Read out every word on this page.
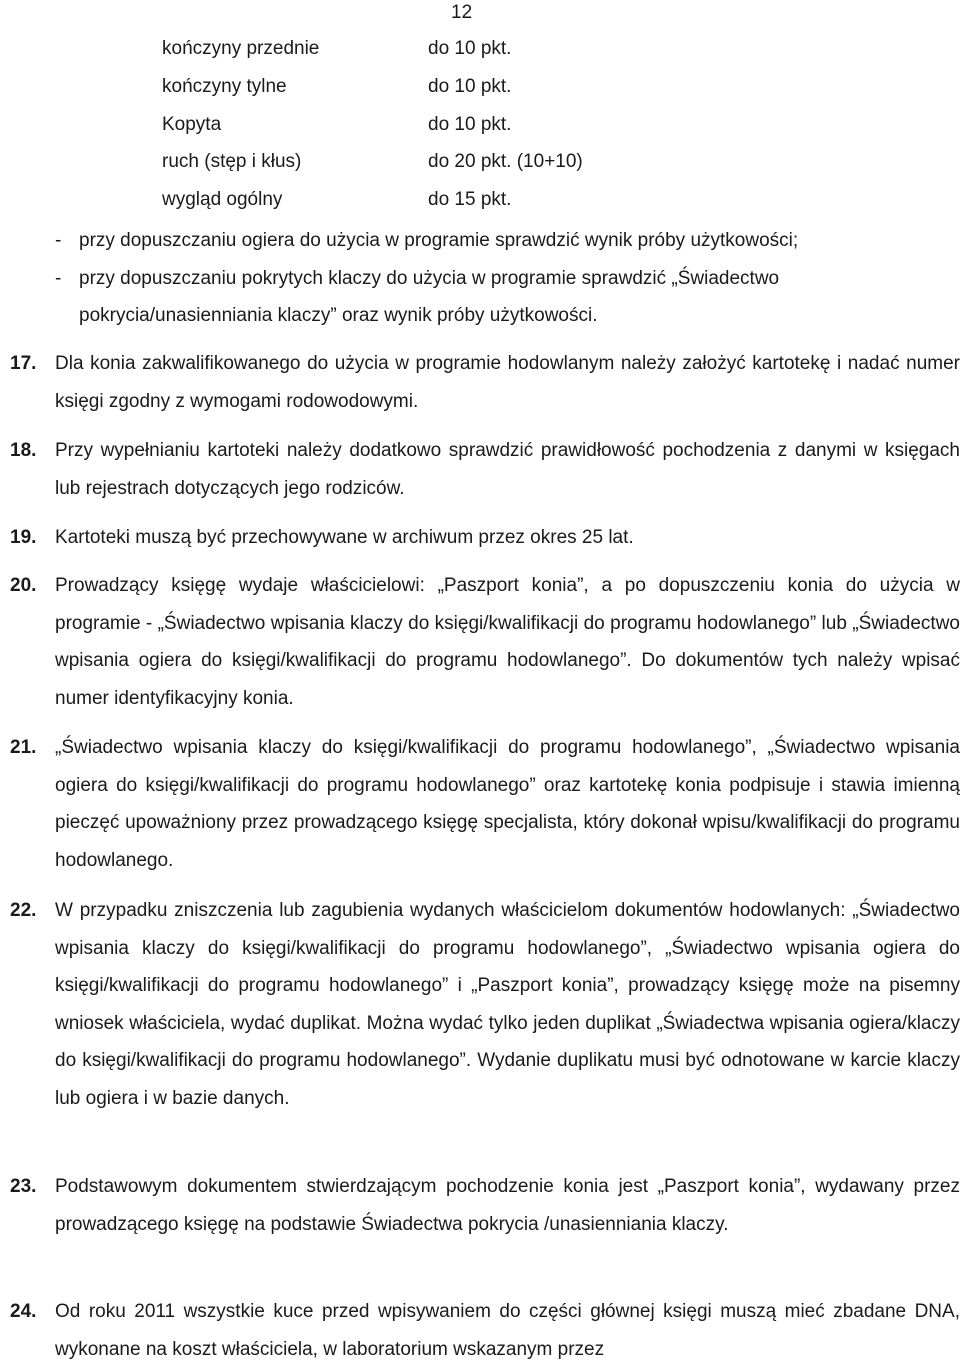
12
kończyny przednie	do 10 pkt.
kończyny tylne	do 10 pkt.
Kopyta	do 10 pkt.
ruch (stęp i kłus)	do 20 pkt. (10+10)
wygląd ogólny	do 15 pkt.
- przy dopuszczaniu ogiera do użycia w programie sprawdzić wynik próby użytkowości;
- przy dopuszczaniu pokrytych klaczy do użycia w programie sprawdzić „Świadectwo pokrycia/unasienniania klaczy” oraz wynik próby użytkowości.
17. Dla konia zakwalifikowanego do użycia w programie hodowlanym należy założyć kartotekę i nadać numer księgi zgodny z wymogami rodowodowymi.
18. Przy wypełnianiu kartoteki należy dodatkowo sprawdzić prawidłowość pochodzenia z danymi w księgach lub rejestrach dotyczących jego rodziców.
19. Kartoteki muszą być przechowywane w archiwum przez okres 25 lat.
20. Prowadzący księgę wydaje właścicielowi: „Paszport konia”, a po dopuszczeniu konia do użycia w programie - „Świadectwo wpisania klaczy do księgi/kwalifikacji do programu hodowlanego” lub „Świadectwo wpisania ogiera do księgi/kwalifikacji do programu hodowlanego”. Do dokumentów tych należy wpisać numer identyfikacyjny konia.
21. „Świadectwo wpisania klaczy do księgi/kwalifikacji do programu hodowlanego”, „Świadectwo wpisania ogiera do księgi/kwalifikacji do programu hodowlanego” oraz kartotekę konia podpisuje i stawia imienną pieczęć upoważniony przez prowadzącego księgę specjalista, który dokonał wpisu/kwalifikacji do programu hodowlanego.
22. W przypadku zniszczenia lub zagubienia wydanych właścicielom dokumentów hodowlanych: „Świadectwo wpisania klaczy do księgi/kwalifikacji do programu hodowlanego”, „Świadectwo wpisania ogiera do księgi/kwalifikacji do programu hodowlanego” i „Paszport konia”, prowadzący księgę może na pisemny wniosek właściciela, wydać duplikat. Można wydać tylko jeden duplikat „Świadectwa wpisania ogiera/klaczy do księgi/kwalifikacji do programu hodowlanego”. Wydanie duplikatu musi być odnotowane w karcie klaczy lub ogiera i w bazie danych.
23. Podstawowym dokumentem stwierdzającym pochodzenie konia jest „Paszport konia”, wydawany przez prowadzącego księgę na podstawie Świadectwa pokrycia /unasienniania klaczy.
24. Od roku 2011 wszystkie kuce przed wpisywaniem do części głównej księgi muszą mieć zbadane DNA, wykonane na koszt właściciela, w laboratorium wskazanym przez
